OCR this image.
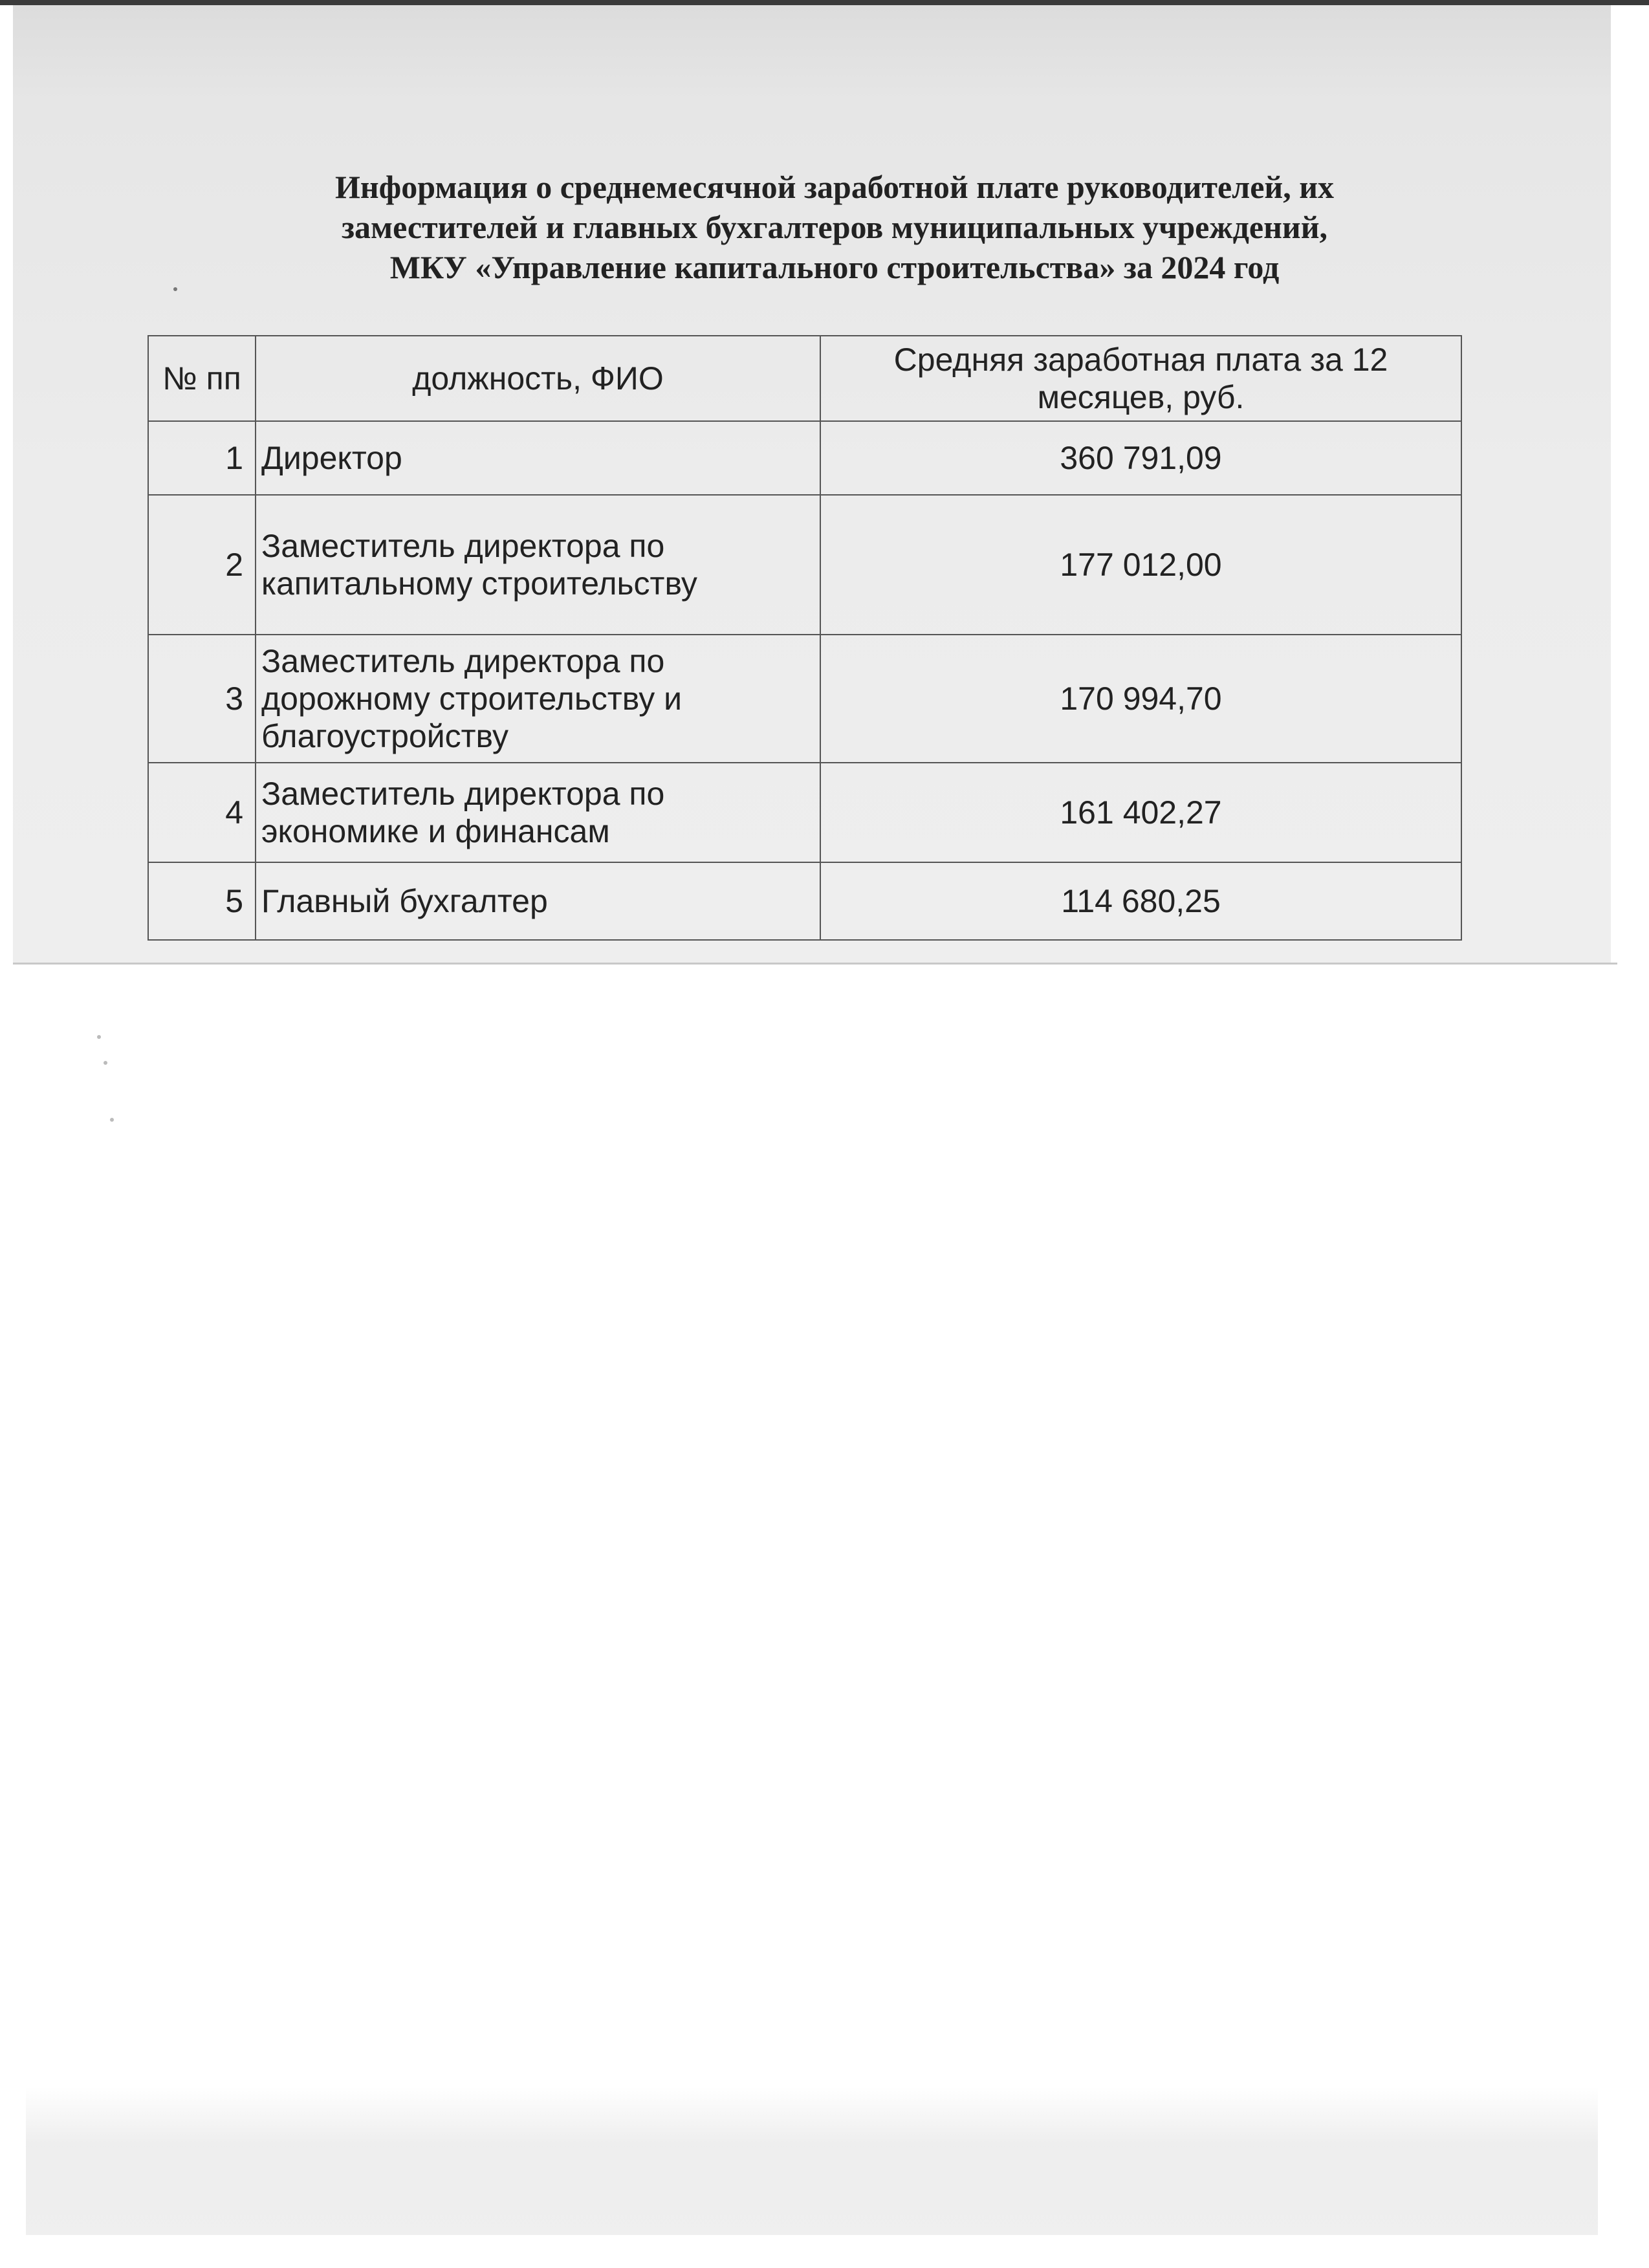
Информация о среднемесячной заработной плате руководителей, их
заместителей и главных бухгалтеров муниципальных учреждений,
МКУ «Управление капитального строительства» за 2024 год
№ пп	должность, ФИО	Средняя заработная плата за 12
месяцев, руб.

1	Директор	360 791,09
2	Заместитель директора по
капитальному строительству	177 012,00
3	Заместитель директора по
дорожному строительству и
благоустройству	170 994,70
4	Заместитель директора по
экономике и финансам	161 402,27
5	Главный бухгалтер	114 680,25
